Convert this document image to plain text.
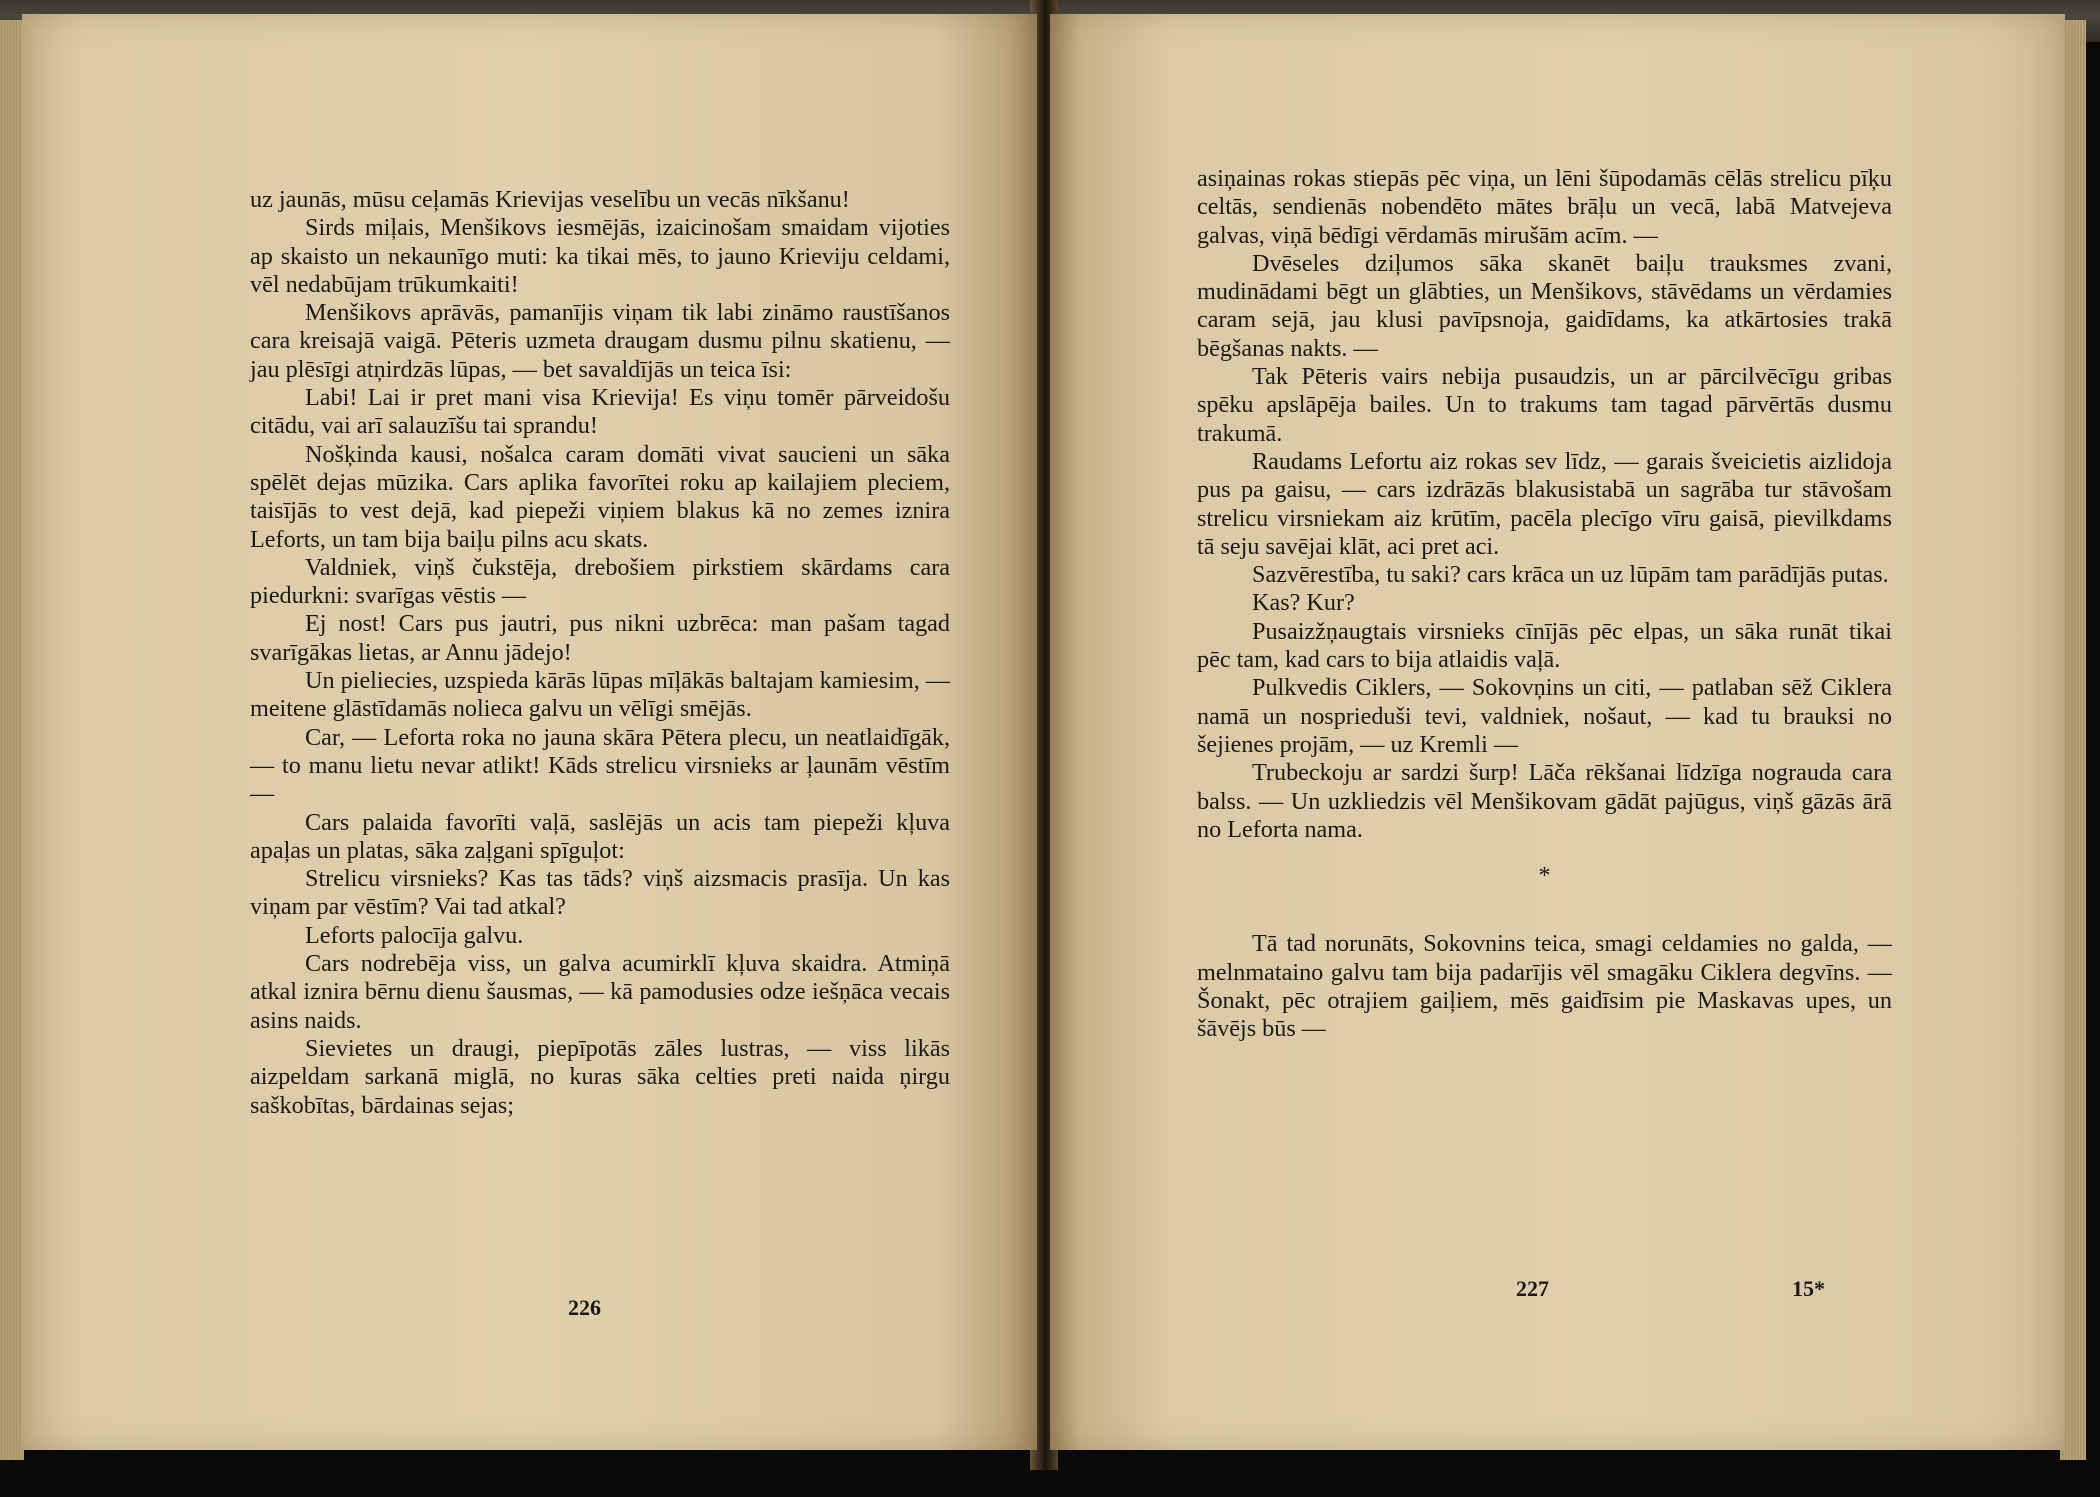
uz jaunās, mūsu ceļamās Krievijas veselību un vecās nīkšanu!

Sirds miļais, Menšikovs iesmējās, izaicinošam smaidam vijoties ap skaisto un nekaunīgo muti: ka tikai mēs, to jauno Krieviju celdami, vēl nedabūjam trūkumkaiti!

Menšikovs aprāvās, pamanījis viņam tik labi zināmo raustīšanos cara kreisajā vaigā. Pēteris uzmeta draugam dusmu pilnu skatienu, — jau plēsīgi atņirdzās lūpas, — bet savaldījās un teica īsi:

Labi! Lai ir pret mani visa Krievija! Es viņu tomēr pārveidošu citādu, vai arī salauzīšu tai sprandu!

Nošķinda kausi, nošalca caram domāti vivat saucieni un sāka spēlēt dejas mūzika. Cars aplika favorītei roku ap kailajiem pleciem, taisījās to vest dejā, kad piepeži viņiem blakus kā no zemes iznira Leforts, un tam bija baiļu pilns acu skats.

Valdniek, viņš čukstēja, drebošiem pirkstiem skārdams cara piedurkni: svarīgas vēstis —

Ej nost! Cars pus jautri, pus nikni uzbrēca: man pašam tagad svarīgākas lietas, ar Annu jādejo!

Un pieliecies, uzspieda kārās lūpas mīļākās baltajam kamiesim, — meitene glāstīdamās nolieca galvu un vēlīgi smējās.

Car, — Leforta roka no jauna skāra Pētera plecu, un neatlaidīgāk, — to manu lietu nevar atlikt! Kāds strelicu virsnieks ar ļaunām vēstīm —

Cars palaida favorīti vaļā, saslējās un acis tam piepeži kļuva apaļas un platas, sāka zaļgani spīguļot:

Strelicu virsnieks? Kas tas tāds? viņš aizsmacis prasīja. Un kas viņam par vēstīm? Vai tad atkal?

Leforts palocīja galvu.

Cars nodrebēja viss, un galva acumirklī kļuva skaidra. Atmiņā atkal iznira bērnu dienu šausmas, — kā pamodusies odze iešņāca vecais asins naids.

Sievietes un draugi, piepīpotās zāles lustras, — viss likās aizpeldam sarkanā miglā, no kuras sāka celties preti naida ņirgu saškobītas, bārdainas sejas;

226

asiņainas rokas stiepās pēc viņa, un lēni šūpodamās cēlās strelicu pīķu celtās, sendienās nobendēto mātes brāļu un vecā, labā Matvejeva galvas, viņā bēdīgi vērdamās mirušām acīm. —

Dvēseles dziļumos sāka skanēt baiļu trauksmes zvani, mudinādami bēgt un glābties, un Menšikovs, stāvēdams un vērdamies caram sejā, jau klusi pavīpsnoja, gaidīdams, ka atkārtosies trakā bēgšanas nakts. —

Tak Pēteris vairs nebija pusaudzis, un ar pārcilvēcīgu gribas spēku apslāpēja bailes. Un to trakums tam tagad pārvērtās dusmu trakumā.

Raudams Lefortu aiz rokas sev līdz, — garais šveicietis aizlidoja pus pa gaisu, — cars izdrāzās blakusistabā un sagrāba tur stāvošam strelicu virsniekam aiz krūtīm, pacēla plecīgo vīru gaisā, pievilkdams tā seju savējai klāt, aci pret aci.

Sazvērestība, tu saki? cars krāca un uz lūpām tam parādījās putas.

Kas? Kur?

Pusaizžņaugtais virsnieks cīnījās pēc elpas, un sāka runāt tikai pēc tam, kad cars to bija atlaidis vaļā.

Pulkvedis Ciklers, — Sokovņins un citi, — patlaban sēž Ciklera namā un nosprieduši tevi, valdniek, nošaut, — kad tu brauksi no šejienes projām, — uz Kremli —

Trubeckoju ar sardzi šurp! Lāča rēkšanai līdzīga nograuda cara balss. — Un uzkliedzis vēl Menšikovam gādāt pajūgus, viņš gāzās ārā no Leforta nama.

*

Tā tad norunāts, Sokovnins teica, smagi celdamies no galda, — melnmataino galvu tam bija padarījis vēl smagāku Ciklera degvīns. — Šonakt, pēc otrajiem gaiļiem, mēs gaidīsim pie Maskavas upes, un šāvējs būs —

227	15*
